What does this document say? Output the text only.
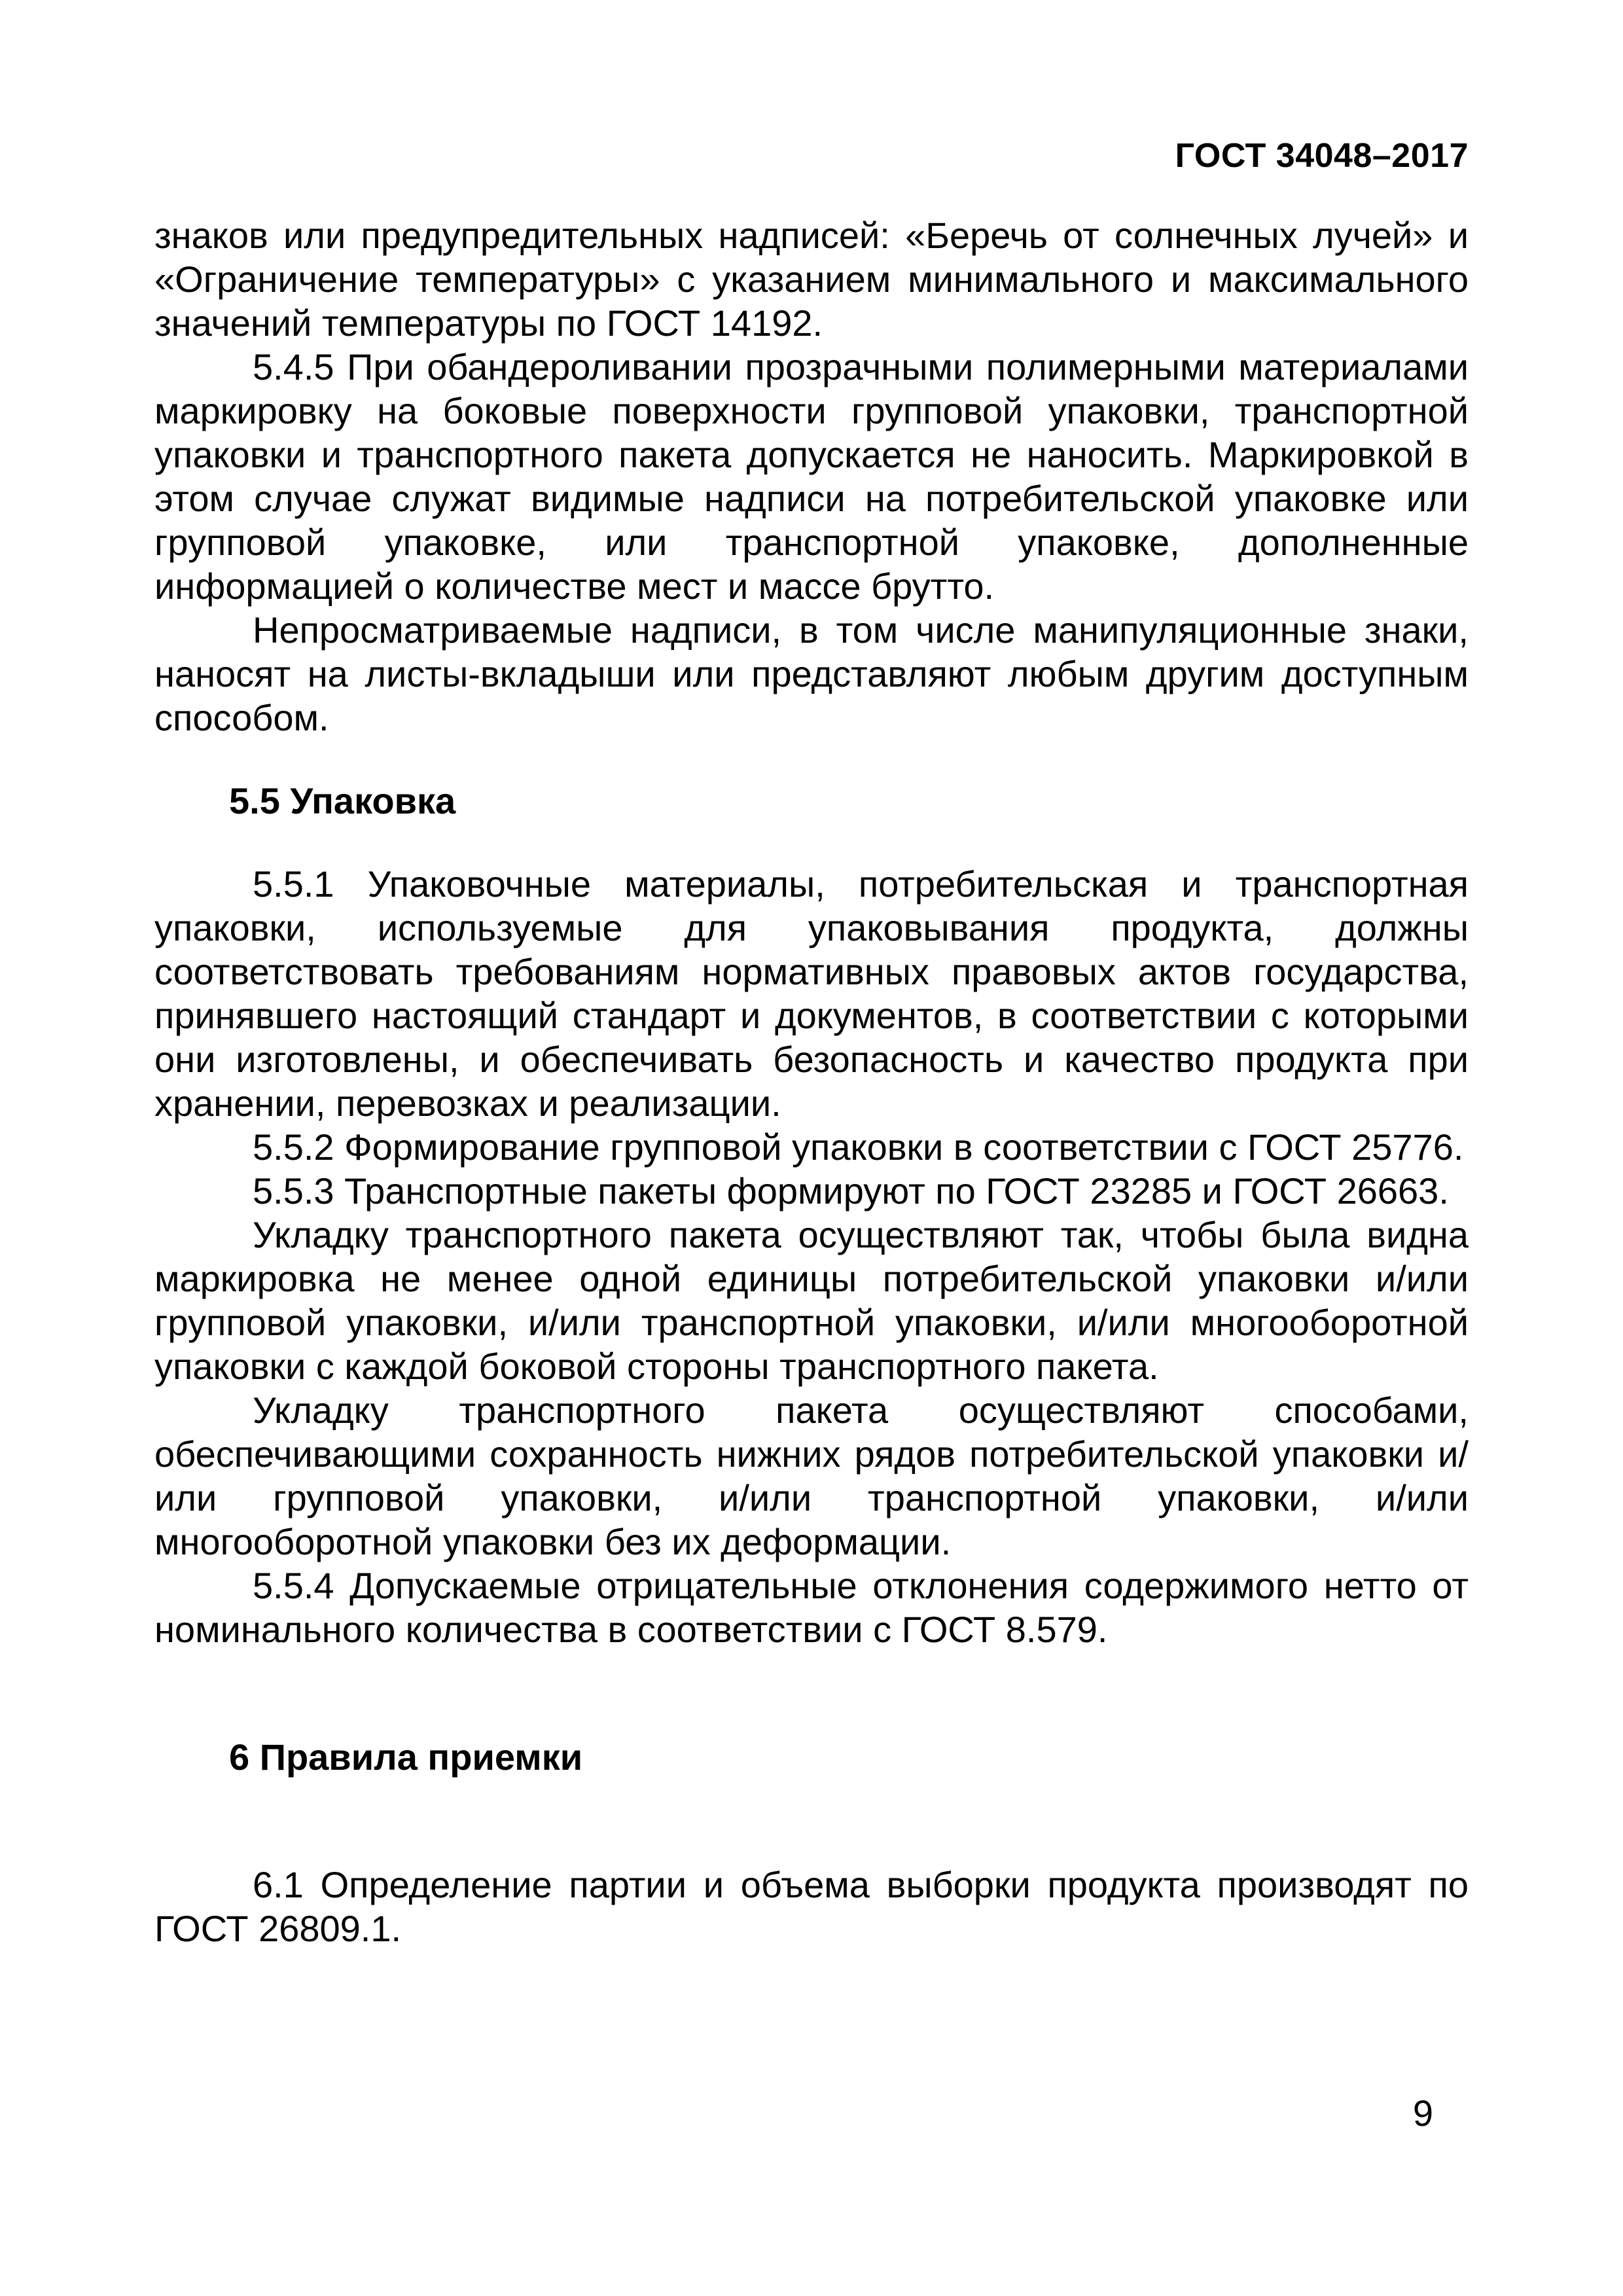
ГОСТ 34048–2017

знаков или предупредительных надписей: «Беречь от солнечных лучей» и «Ограничение температуры» с указанием минимального и максимального значений температуры по ГОСТ 14192.

5.4.5 При обандероливании прозрачными полимерными материалами маркировку на боковые поверхности групповой упаковки, транспортной упаковки и транспортного пакета допускается не наносить. Маркировкой в этом случае служат видимые надписи на потребительской упаковке или групповой упаковке, или транспортной упаковке, дополненные информацией о количестве мест и массе брутто.

Непросматриваемые надписи, в том числе манипуляционные знаки, наносят на листы-вкладыши или представляют любым другим доступным способом.

5.5 Упаковка

5.5.1 Упаковочные материалы, потребительская и транспортная упаковки, используемые для упаковывания продукта, должны соответствовать требованиям нормативных правовых актов государства, принявшего настоящий стандарт и документов, в соответствии с которыми они изготовлены, и обеспечивать безопасность и качество продукта при хранении, перевозках и реализации.

5.5.2 Формирование групповой упаковки в соответствии с ГОСТ 25776.

5.5.3 Транспортные пакеты формируют по ГОСТ 23285 и ГОСТ 26663.

Укладку транспортного пакета осуществляют так, чтобы была видна маркировка не менее одной единицы потребительской упаковки и/или групповой упаковки, и/или транспортной упаковки, и/или многооборотной упаковки с каждой боковой стороны транспортного пакета.

Укладку транспортного пакета осуществляют способами, обеспечивающими сохранность нижних рядов потребительской упаковки и/или групповой упаковки, и/или транспортной упаковки, и/или многооборотной упаковки без их деформации.

5.5.4 Допускаемые отрицательные отклонения содержимого нетто от номинального количества в соответствии с ГОСТ 8.579.

6 Правила приемки

6.1 Определение партии и объема выборки продукта производят по ГОСТ 26809.1.

9
